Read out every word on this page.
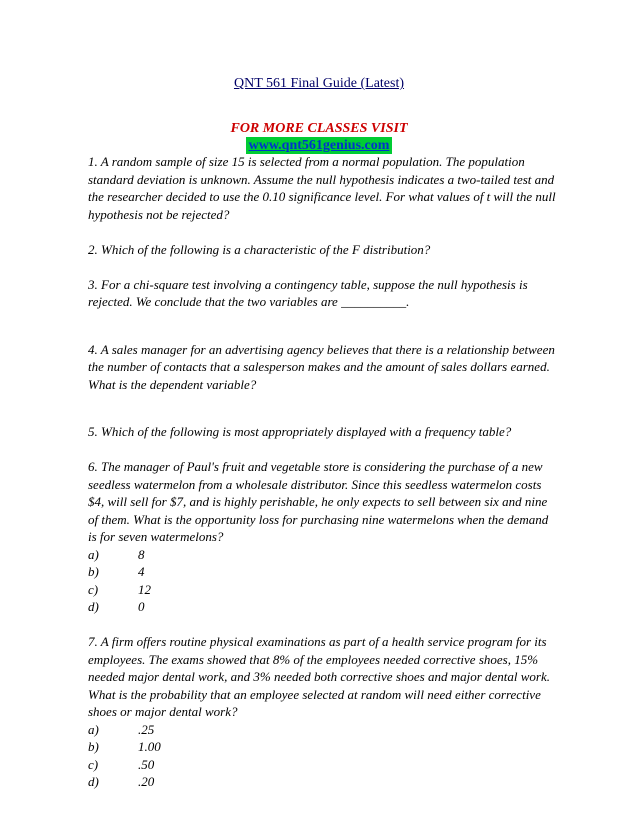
QNT 561 Final Guide (Latest)
FOR MORE CLASSES VISIT
www.qnt561genius.com

1. A random sample of size 15 is selected from a normal population. The population standard deviation is unknown. Assume the null hypothesis indicates a two-tailed test and the researcher decided to use the 0.10 significance level. For what values of t will the null hypothesis not be rejected?

2. Which of the following is a characteristic of the F distribution?

3. For a chi-square test involving a contingency table, suppose the null hypothesis is rejected. We conclude that the two variables are __________.

4. A sales manager for an advertising agency believes that there is a relationship between the number of contacts that a salesperson makes and the amount of sales dollars earned. What is the dependent variable?

5. Which of the following is most appropriately displayed with a frequency table?

6. The manager of Paul's fruit and vegetable store is considering the purchase of a new seedless watermelon from a wholesale distributor. Since this seedless watermelon costs $4, will sell for $7, and is highly perishable, he only expects to sell between six and nine of them. What is the opportunity loss for purchasing nine watermelons when the demand is for seven watermelons?

a)	8
b)	4
c)	12
d)	0

7. A firm offers routine physical examinations as part of a health service program for its employees. The exams showed that 8% of the employees needed corrective shoes, 15% needed major dental work, and 3% needed both corrective shoes and major dental work. What is the probability that an employee selected at random will need either corrective shoes or major dental work?

a)	.25
b)	1.00
c)	.50
d)	.20
